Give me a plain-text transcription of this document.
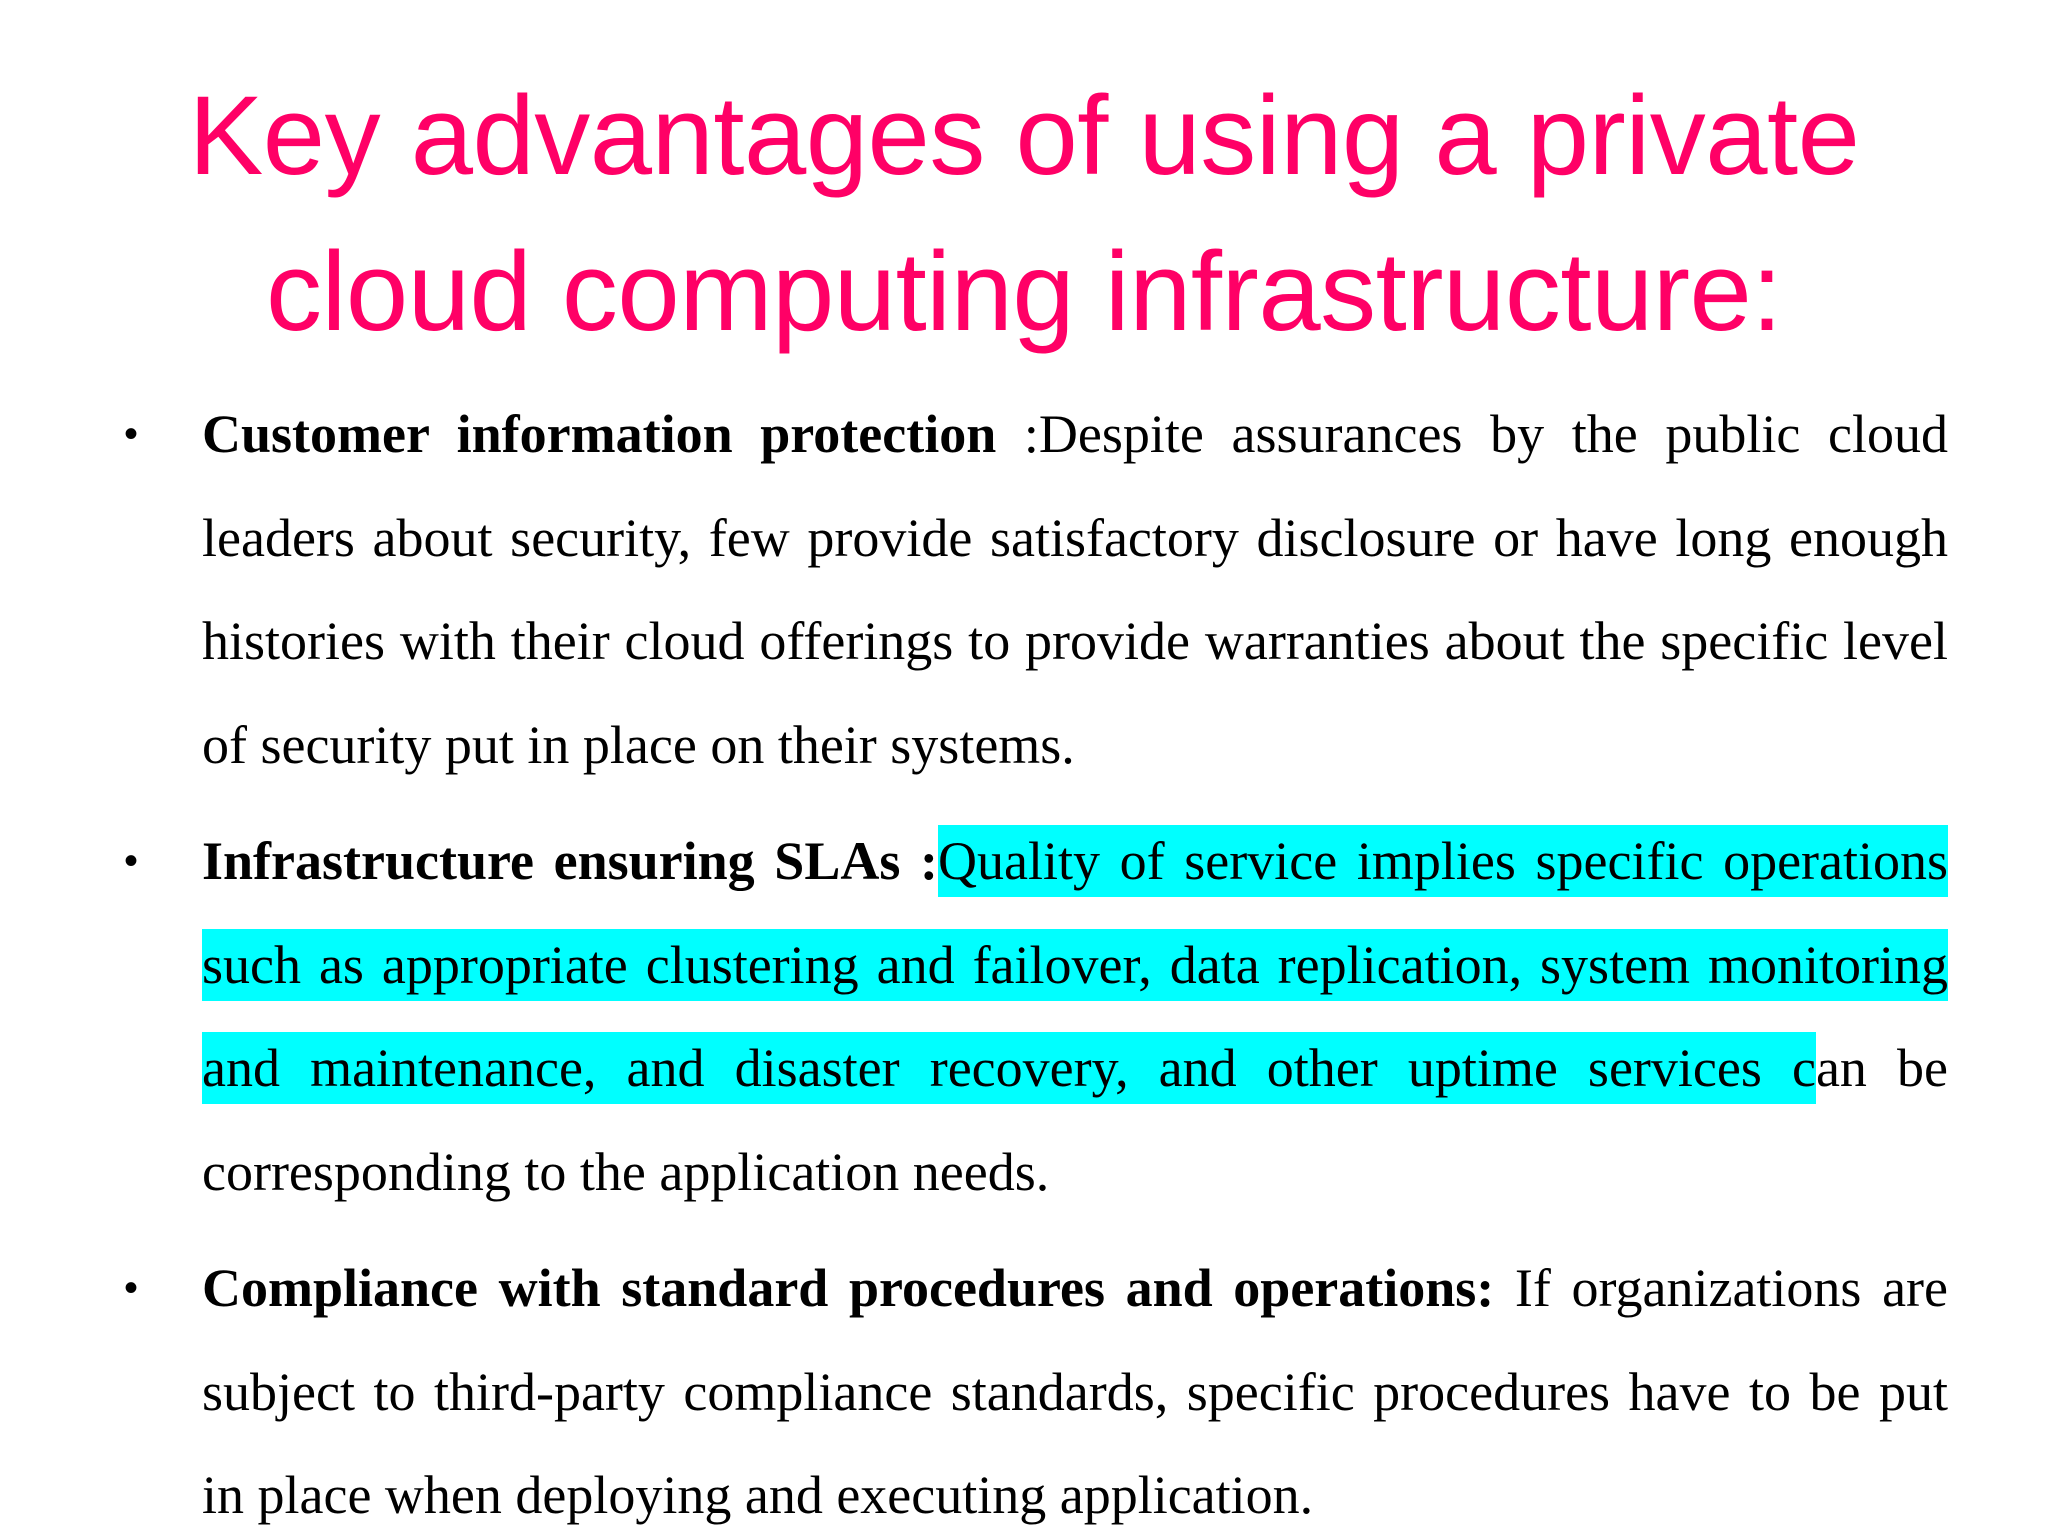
Key advantages of using a private
cloud computing infrastructure:
• Customer information protection :Despite assurances by the public cloud leaders about security, few provide satisfactory disclosure or have long enough histories with their cloud offerings to provide warranties about the specific level of security put in place on their systems.
• Infrastructure ensuring SLAs :Quality of service implies specific operations such as appropriate clustering and failover, data replication, system monitoring and maintenance, and disaster recovery, and other uptime services can be corresponding to the application needs.
• Compliance with standard procedures and operations: If organizations are subject to third-party compliance standards, specific procedures have to be put in place when deploying and executing application.
